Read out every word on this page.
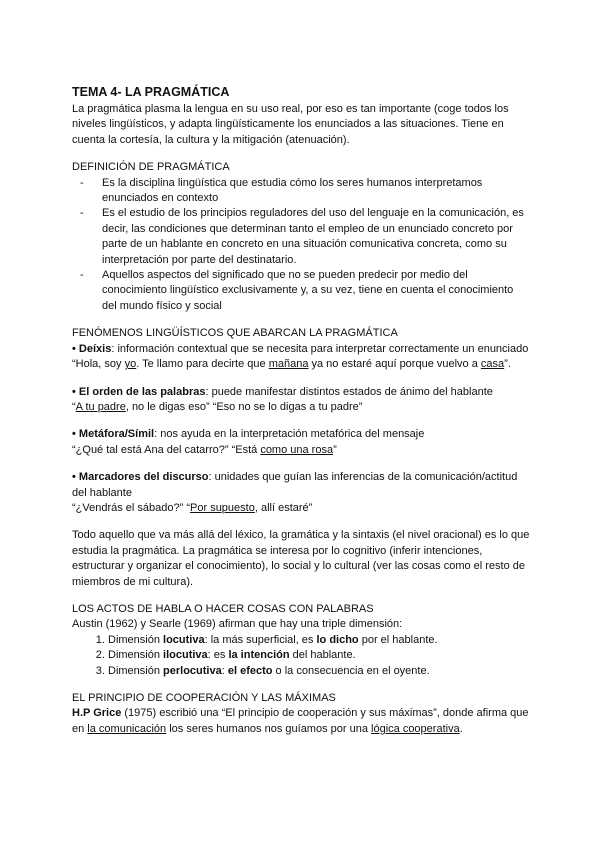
TEMA 4- LA PRAGMÁTICA

La pragmática plasma la lengua en su uso real, por eso es tan importante (coge todos los niveles lingüísticos, y adapta lingüísticamente los enunciados a las situaciones. Tiene en cuenta la cortesía, la cultura y la mitigación (atenuación).

DEFINICIÓN DE PRAGMÁTICA
- Es la disciplina lingüística que estudia cómo los seres humanos interpretamos enunciados en contexto
- Es el estudio de los principios reguladores del uso del lenguaje en la comunicación, es decir, las condiciones que determinan tanto el empleo de un enunciado concreto por parte de un hablante en concreto en una situación comunicativa concreta, como su interpretación por parte del destinatario.
- Aquellos aspectos del significado que no se pueden predecir por medio del conocimiento lingüístico exclusivamente y, a su vez, tiene en cuenta el conocimiento del mundo físico y social
FENÓMENOS LINGÜÍSTICOS QUE ABARCAN LA PRAGMÁTICA

• Deíxis: información contextual que se necesita para interpretar correctamente un enunciado

“Hola, soy yo. Te llamo para decirte que mañana ya no estaré aquí porque vuelvo a casa”.

• El orden de las palabras: puede manifestar distintos estados de ánimo del hablante

“A tu padre, no le digas eso” “Eso no se lo digas a tu padre”

• Metáfora/Símil: nos ayuda en la interpretación metafórica del mensaje

“¿Qué tal está Ana del catarro?” “Está como una rosa”

• Marcadores del discurso: unidades que guían las inferencias de la comunicación/actitud del hablante

“¿Vendrás el sábado?” “Por supuesto, allí estaré”

Todo aquello que va más allá del léxico, la gramática y la sintaxis (el nivel oracional) es lo que estudia la pragmática. La pragmática se interesa por lo cognitivo (inferir intenciones, estructurar y organizar el conocimiento), lo social y lo cultural (ver las cosas como el resto de miembros de mi cultura).

LOS ACTOS DE HABLA O HACER COSAS CON PALABRAS

Austin (1962) y Searle (1969) afirman que hay una triple dimensión:

1. Dimensión locutiva: la más superficial, es lo dicho por el hablante.
2. Dimensión ilocutiva: es la intención del hablante.
3. Dimensión perlocutiva: el efecto o la consecuencia en el oyente.
EL PRINCIPIO DE COOPERACIÓN Y LAS MÁXIMAS

H.P Grice (1975) escribió una “El principio de cooperación y sus máximas”, donde afirma que en la comunicación los seres humanos nos guíamos por una lógica cooperativa.
